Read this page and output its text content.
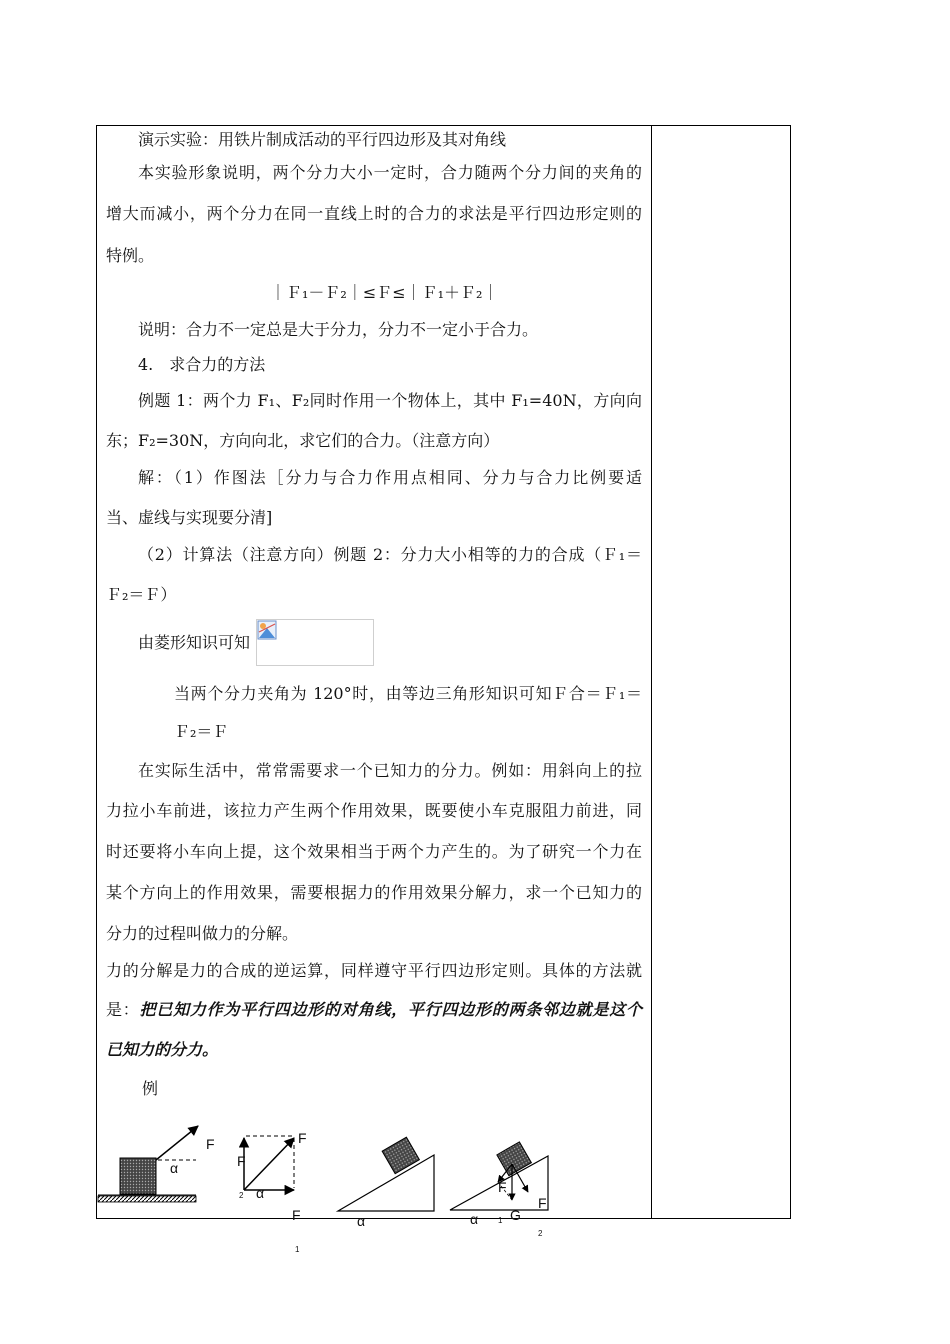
演示实验：用铁片制成活动的平行四边形及其对角线
本实验形象说明，两个分力大小一定时，合力随两个分力间的夹角的
增大而减小，两个分力在同一直线上时的合力的求法是平行四边形定则的
特例。
｜Ｆ₁－Ｆ₂｜≤Ｆ≤｜Ｆ₁＋Ｆ₂｜
说明：合力不一定总是大于分力，分力不一定小于合力。
4.　求合力的方法
例题 1：两个力 F₁、F₂同时作用一个物体上，其中 F₁=40N，方向向
东；F₂=30N，方向向北，求它们的合力。（注意方向）
解：（1）作图法［分力与合力作用点相同、分力与合力比例要适
当、虚线与实现要分清]
（2）计算法（注意方向）例题 2：分力大小相等的力的合成（Ｆ₁＝
Ｆ₂＝Ｆ）
由菱形知识可知
当两个分力夹角为 120°时，由等边三角形知识可知Ｆ合＝Ｆ₁＝
Ｆ₂＝Ｆ
在实际生活中，常常需要求一个已知力的分力。例如：用斜向上的拉
力拉小车前进，该拉力产生两个作用效果，既要使小车克服阻力前进，同
时还要将小车向上提，这个效果相当于两个力产生的。为了研究一个力在
某个方向上的作用效果，需要根据力的作用效果分解力，求一个已知力的
分力的过程叫做力的分解。
力的分解是力的合成的逆运算，同样遵守平行四边形定则。具体的方法就
是：把已知力作为平行四边形的对角线，平行四边形的两条邻边就是这个
已知力的分力。
例
F
α
F
F
2 α
F
1
α
F
F
α 1 G
2
